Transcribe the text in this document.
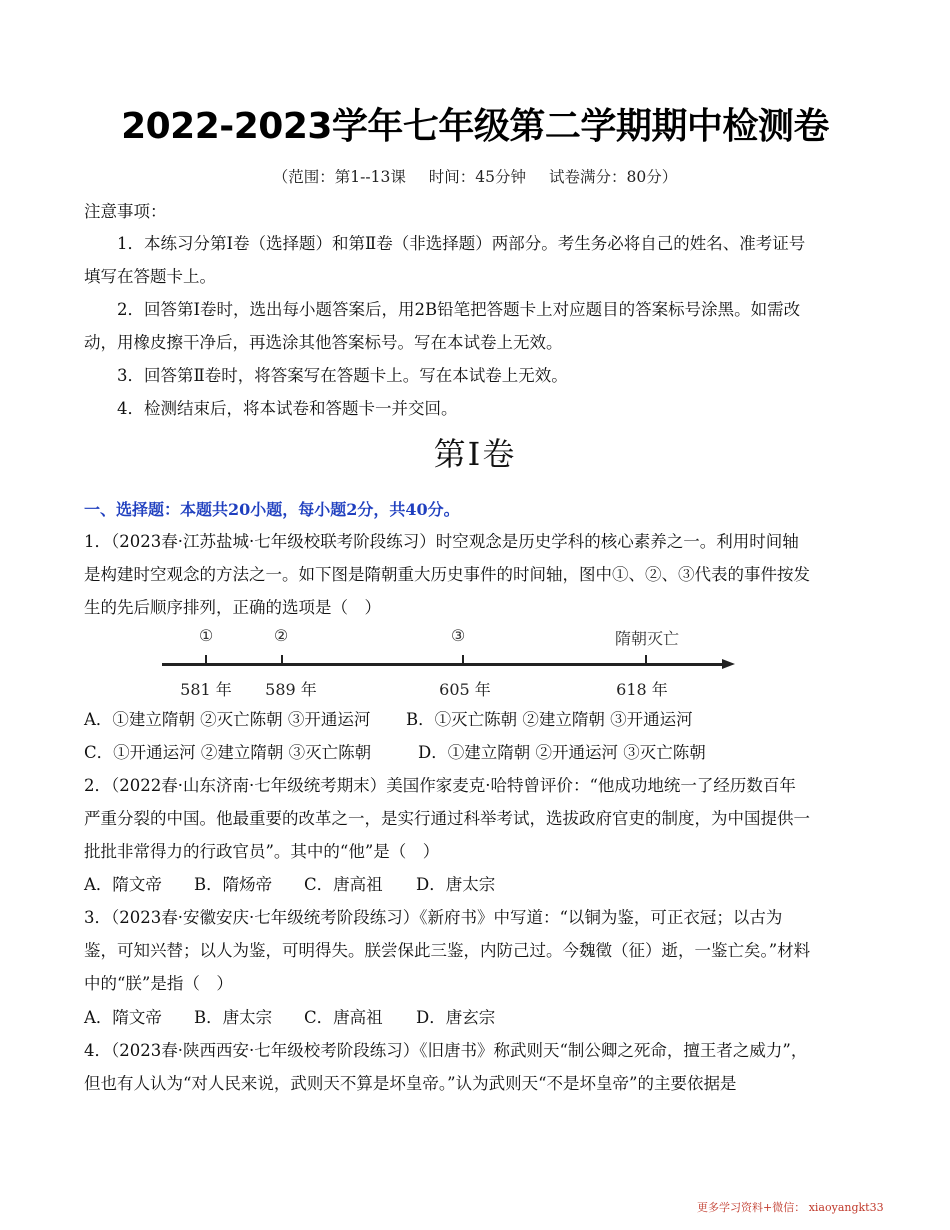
2022-2023学年七年级第二学期期中检测卷
（范围：第1--13课 时间：45分钟 试卷满分：80分）
注意事项：
1．本练习分第Ⅰ卷（选择题）和第Ⅱ卷（非选择题）两部分。考生务必将自己的姓名、准考证号填写在答题卡上。
2．回答第Ⅰ卷时，选出每小题答案后，用2B铅笔把答题卡上对应题目的答案标号涂黑。如需改动，用橡皮擦干净后，再选涂其他答案标号。写在本试卷上无效。
3．回答第Ⅱ卷时，将答案写在答题卡上。写在本试卷上无效。
4．检测结束后，将本试卷和答题卡一并交回。
第Ⅰ卷
一、选择题：本题共20小题，每小题2分，共40分。
1．（2023春·江苏盐城·七年级校联考阶段练习）时空观念是历史学科的核心素养之一。利用时间轴是构建时空观念的方法之一。如下图是隋朝重大历史事件的时间轴，图中①、②、③代表的事件按发生的先后顺序排列，正确的选项是（　）
①	②	③	隋朝灭亡
581 年 589 年	605 年	618 年
A．①建立隋朝 ②灭亡陈朝 ③开通运河 B．①灭亡陈朝 ②建立隋朝 ③开通运河
C．①开通运河 ②建立隋朝 ③灭亡陈朝	D．①建立隋朝 ②开通运河 ③灭亡陈朝
2．（2022春·山东济南·七年级统考期末）美国作家麦克·哈特曾评价：“他成功地统一了经历数百年严重分裂的中国。他最重要的改革之一，是实行通过科举考试，选拔政府官吏的制度，为中国提供一批批非常得力的行政官员”。其中的“他”是（　）
A．隋文帝 B．隋炀帝 C．唐高祖 D．唐太宗
3．（2023春·安徽安庆·七年级统考阶段练习）《新府书》中写道：“以铜为鉴，可正衣冠；以古为鉴，可知兴替；以人为鉴，可明得失。朕尝保此三鉴，内防己过。今魏徵（征）逝，一鉴亡矣。”材料中的“朕”是指（　）
A．隋文帝 B．唐太宗 C．唐高祖 D．唐玄宗
4．（2023春·陕西西安·七年级校考阶段练习）《旧唐书》称武则天“制公卿之死命，擅王者之威力”，但也有人认为“对人民来说，武则天不算是坏皇帝。”认为武则天“不是坏皇帝”的主要依据是
更多学习资料+微信： xiaoyangkt33
